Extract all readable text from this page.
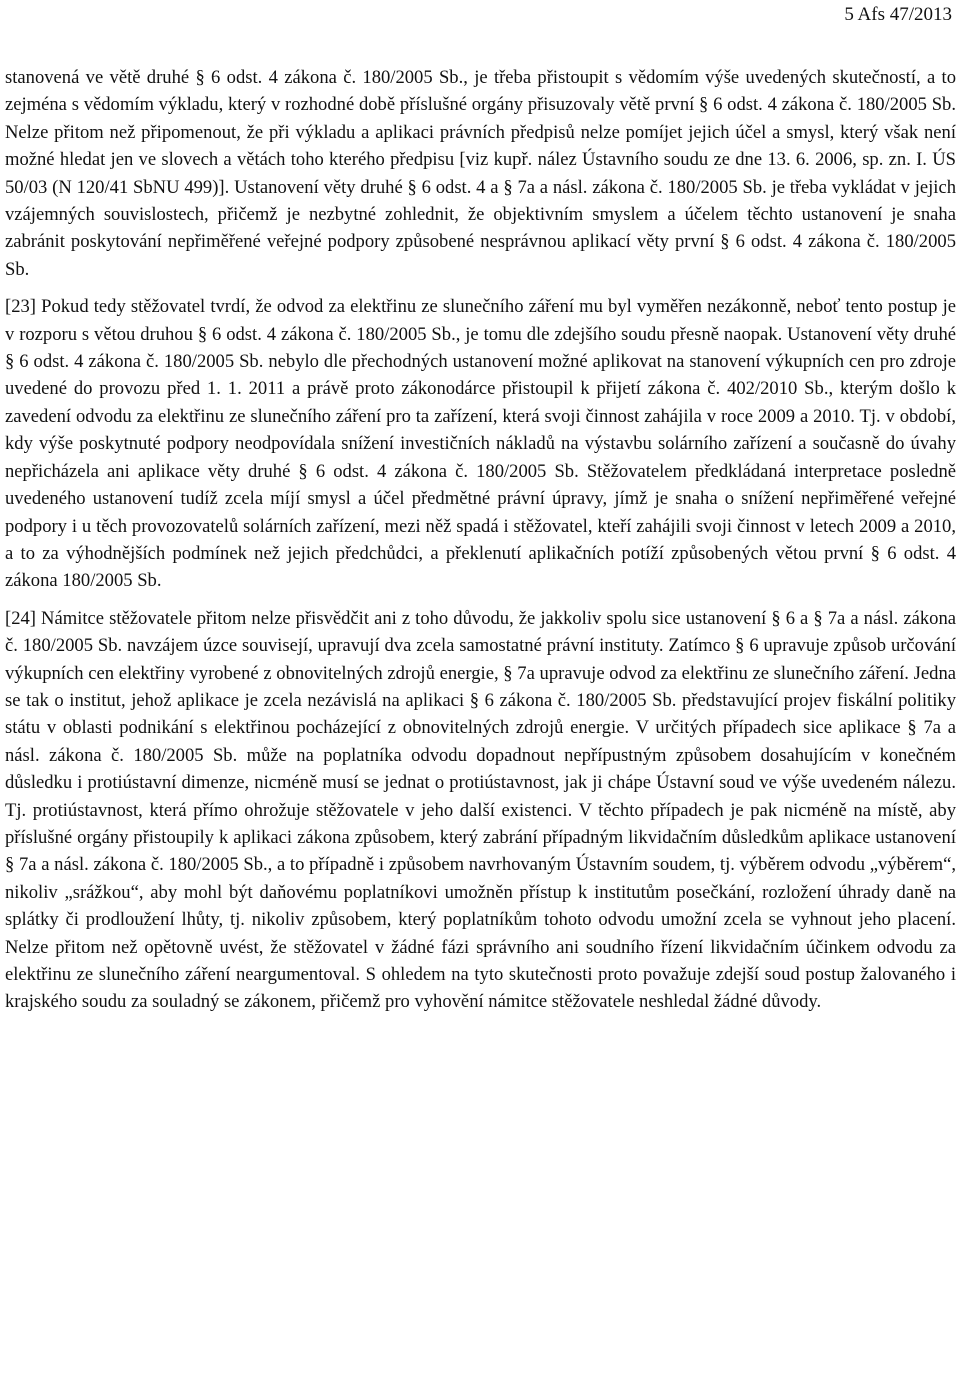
5 Afs 47/2013

stanovená ve větě druhé § 6 odst. 4 zákona č. 180/2005 Sb., je třeba přistoupit s vědomím výše uvedených skutečností, a to zejména s vědomím výkladu, který v rozhodné době příslušné orgány přisuzovaly větě první § 6 odst. 4 zákona č. 180/2005 Sb. Nelze přitom než připomenout, že při výkladu a aplikaci právních předpisů nelze pomíjet jejich účel a smysl, který však není možné hledat jen ve slovech a větách toho kterého předpisu [viz kupř. nález Ústavního soudu ze dne 13. 6. 2006, sp. zn. I. ÚS 50/03 (N 120/41 SbNU 499)]. Ustanovení věty druhé § 6 odst. 4 a § 7a a násl. zákona č. 180/2005 Sb. je třeba vykládat v jejich vzájemných souvislostech, přičemž je nezbytné zohlednit, že objektivním smyslem a účelem těchto ustanovení je snaha zabránit poskytování nepřiměřené veřejné podpory způsobené nesprávnou aplikací věty první § 6 odst. 4 zákona č. 180/2005 Sb.

[23] Pokud tedy stěžovatel tvrdí, že odvod za elektřinu ze slunečního záření mu byl vyměřen nezákonně, neboť tento postup je v rozporu s větou druhou § 6 odst. 4 zákona č. 180/2005 Sb., je tomu dle zdejšího soudu přesně naopak. Ustanovení věty druhé § 6 odst. 4 zákona č. 180/2005 Sb. nebylo dle přechodných ustanovení možné aplikovat na stanovení výkupních cen pro zdroje uvedené do provozu před 1. 1. 2011 a právě proto zákonodárce přistoupil k přijetí zákona č. 402/2010 Sb., kterým došlo k zavedení odvodu za elektřinu ze slunečního záření pro ta zařízení, která svoji činnost zahájila v roce 2009 a 2010. Tj. v období, kdy výše poskytnuté podpory neodpovídala snížení investičních nákladů na výstavbu solárního zařízení a současně do úvahy nepřicházela ani aplikace věty druhé § 6 odst. 4 zákona č. 180/2005 Sb. Stěžovatelem předkládaná interpretace posledně uvedeného ustanovení tudíž zcela míjí smysl a účel předmětné právní úpravy, jímž je snaha o snížení nepřiměřené veřejné podpory i u těch provozovatelů solárních zařízení, mezi něž spadá i stěžovatel, kteří zahájili svoji činnost v letech 2009 a 2010, a to za výhodnějších podmínek než jejich předchůdci, a překlenutí aplikačních potíží způsobených větou první § 6 odst. 4 zákona 180/2005 Sb.

[24] Námitce stěžovatele přitom nelze přisvědčit ani z toho důvodu, že jakkoliv spolu sice ustanovení § 6 a § 7a a násl. zákona č. 180/2005 Sb. navzájem úzce souvisejí, upravují dva zcela samostatné právní instituty. Zatímco § 6 upravuje způsob určování výkupních cen elektřiny vyrobené z obnovitelných zdrojů energie, § 7a upravuje odvod za elektřinu ze slunečního záření. Jedna se tak o institut, jehož aplikace je zcela nezávislá na aplikaci § 6 zákona č. 180/2005 Sb. představující projev fiskální politiky státu v oblasti podnikání s elektřinou pocházející z obnovitelných zdrojů energie. V určitých případech sice aplikace § 7a a násl. zákona č. 180/2005 Sb. může na poplatníka odvodu dopadnout nepřípustným způsobem dosahujícím v konečném důsledku i protiústavní dimenze, nicméně musí se jednat o protiústavnost, jak ji chápe Ústavní soud ve výše uvedeném nálezu. Tj. protiústavnost, která přímo ohrožuje stěžovatele v jeho další existenci. V těchto případech je pak nicméně na místě, aby příslušné orgány přistoupily k aplikaci zákona způsobem, který zabrání případným likvidačním důsledkům aplikace ustanovení § 7a a násl. zákona č. 180/2005 Sb., a to případně i způsobem navrhovaným Ústavním soudem, tj. výběrem odvodu „výběrem“, nikoliv „srážkou“, aby mohl být daňovému poplatníkovi umožněn přístup k institutům posečkání, rozložení úhrady daně na splátky či prodloužení lhůty, tj. nikoliv způsobem, který poplatníkům tohoto odvodu umožní zcela se vyhnout jeho placení. Nelze přitom než opětovně uvést, že stěžovatel v žádné fázi správního ani soudního řízení likvidačním účinkem odvodu za elektřinu ze slunečního záření neargumentoval. S ohledem na tyto skutečnosti proto považuje zdejší soud postup žalovaného i krajského soudu za souladný se zákonem, přičemž pro vyhovění námitce stěžovatele neshledal žádné důvody.
